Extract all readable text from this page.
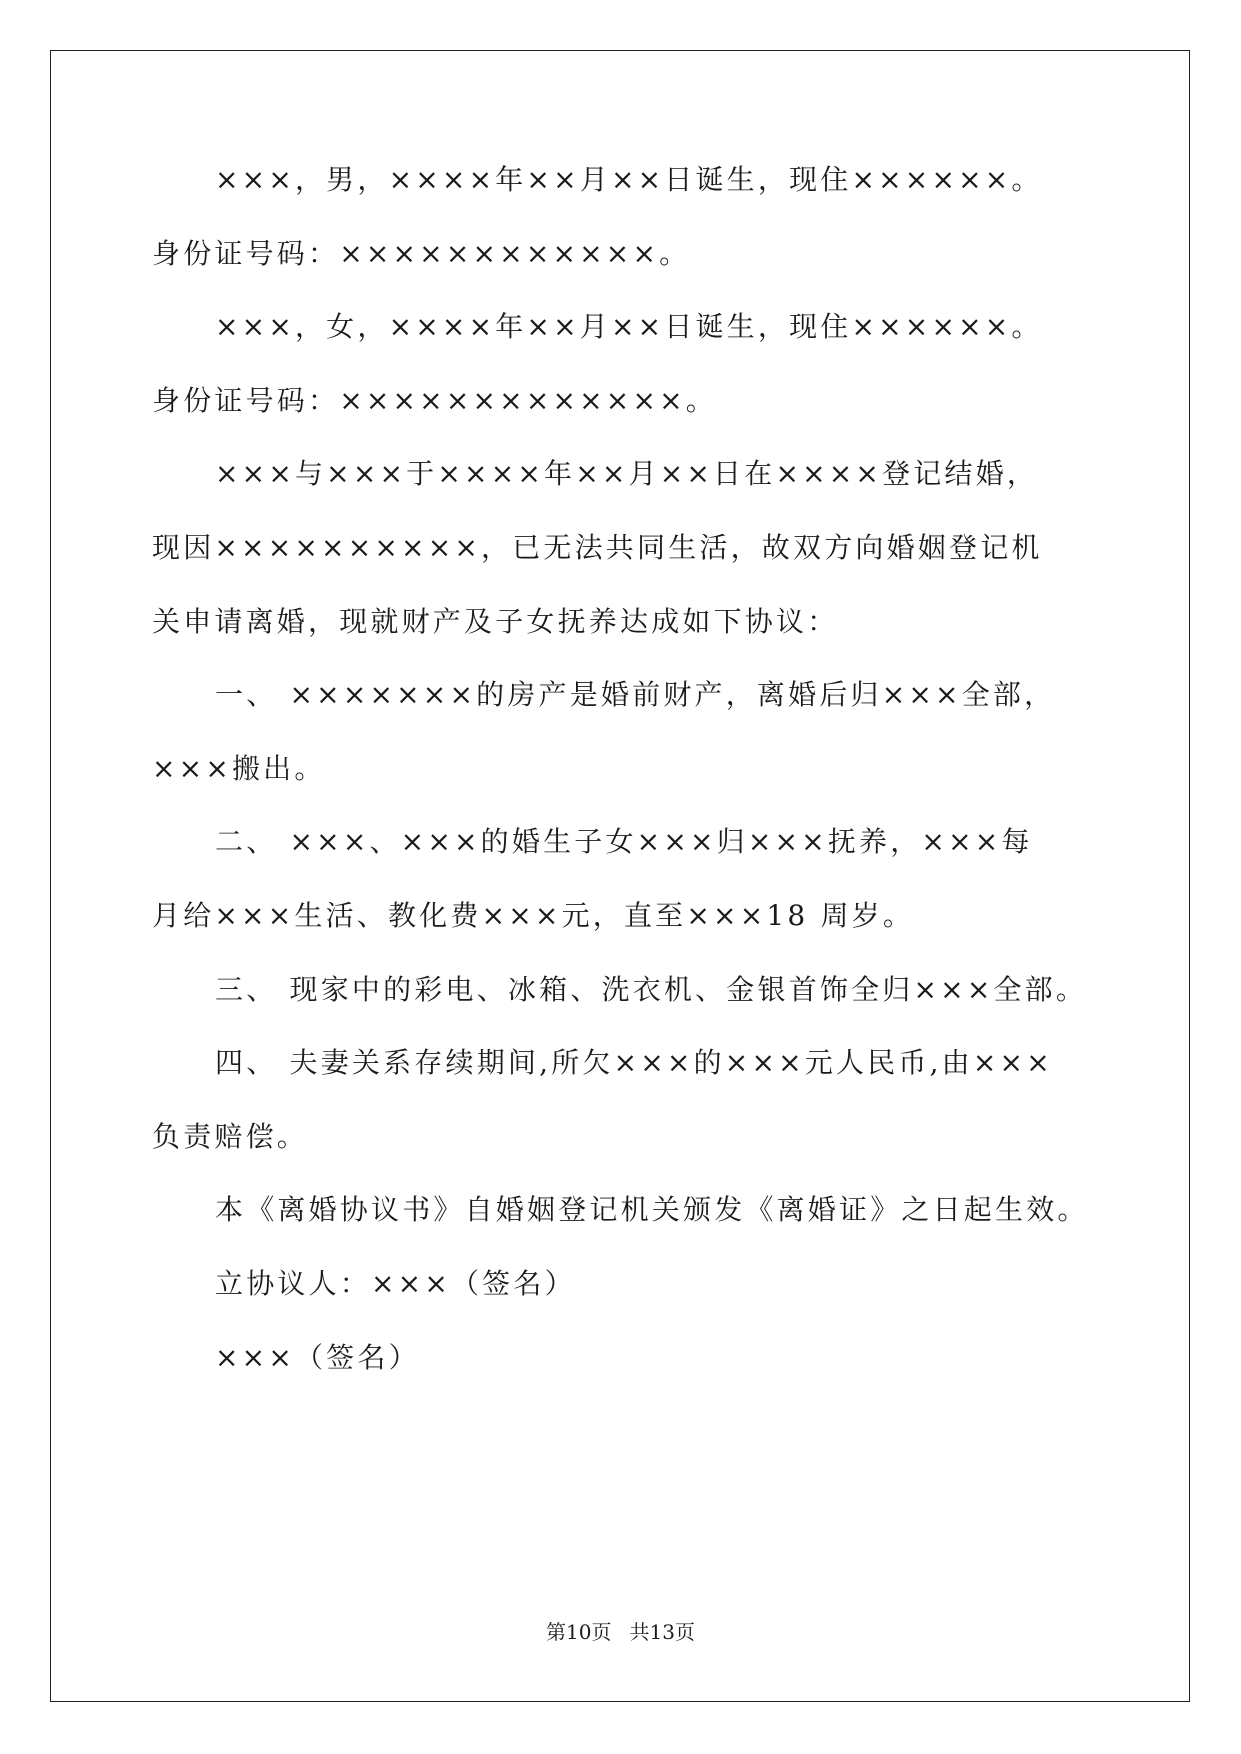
×××，男，××××年××月××日诞生，现住××××××。

身份证号码：××××××××××××。

×××，女，××××年××月××日诞生，现住××××××。

身份证号码：×××××××××××××。

×××与×××于××××年××月××日在××××登记结婚，

现因××××××××××，已无法共同生活，故双方向婚姻登记机

关申请离婚，现就财产及子女抚养达成如下协议：

一、 ×××××××的房产是婚前财产，离婚后归×××全部，

×××搬出。

二、 ×××、×××的婚生子女×××归×××抚养，×××每

月给×××生活、教化费×××元，直至×××18 周岁。

三、 现家中的彩电、冰箱、洗衣机、金银首饰全归×××全部。

四、 夫妻关系存续期间,所欠×××的×××元人民币,由×××

负责赔偿。

本《离婚协议书》自婚姻登记机关颁发《离婚证》之日起生效。

立协议人：×××（签名）

×××（签名）

第10页 共13页
